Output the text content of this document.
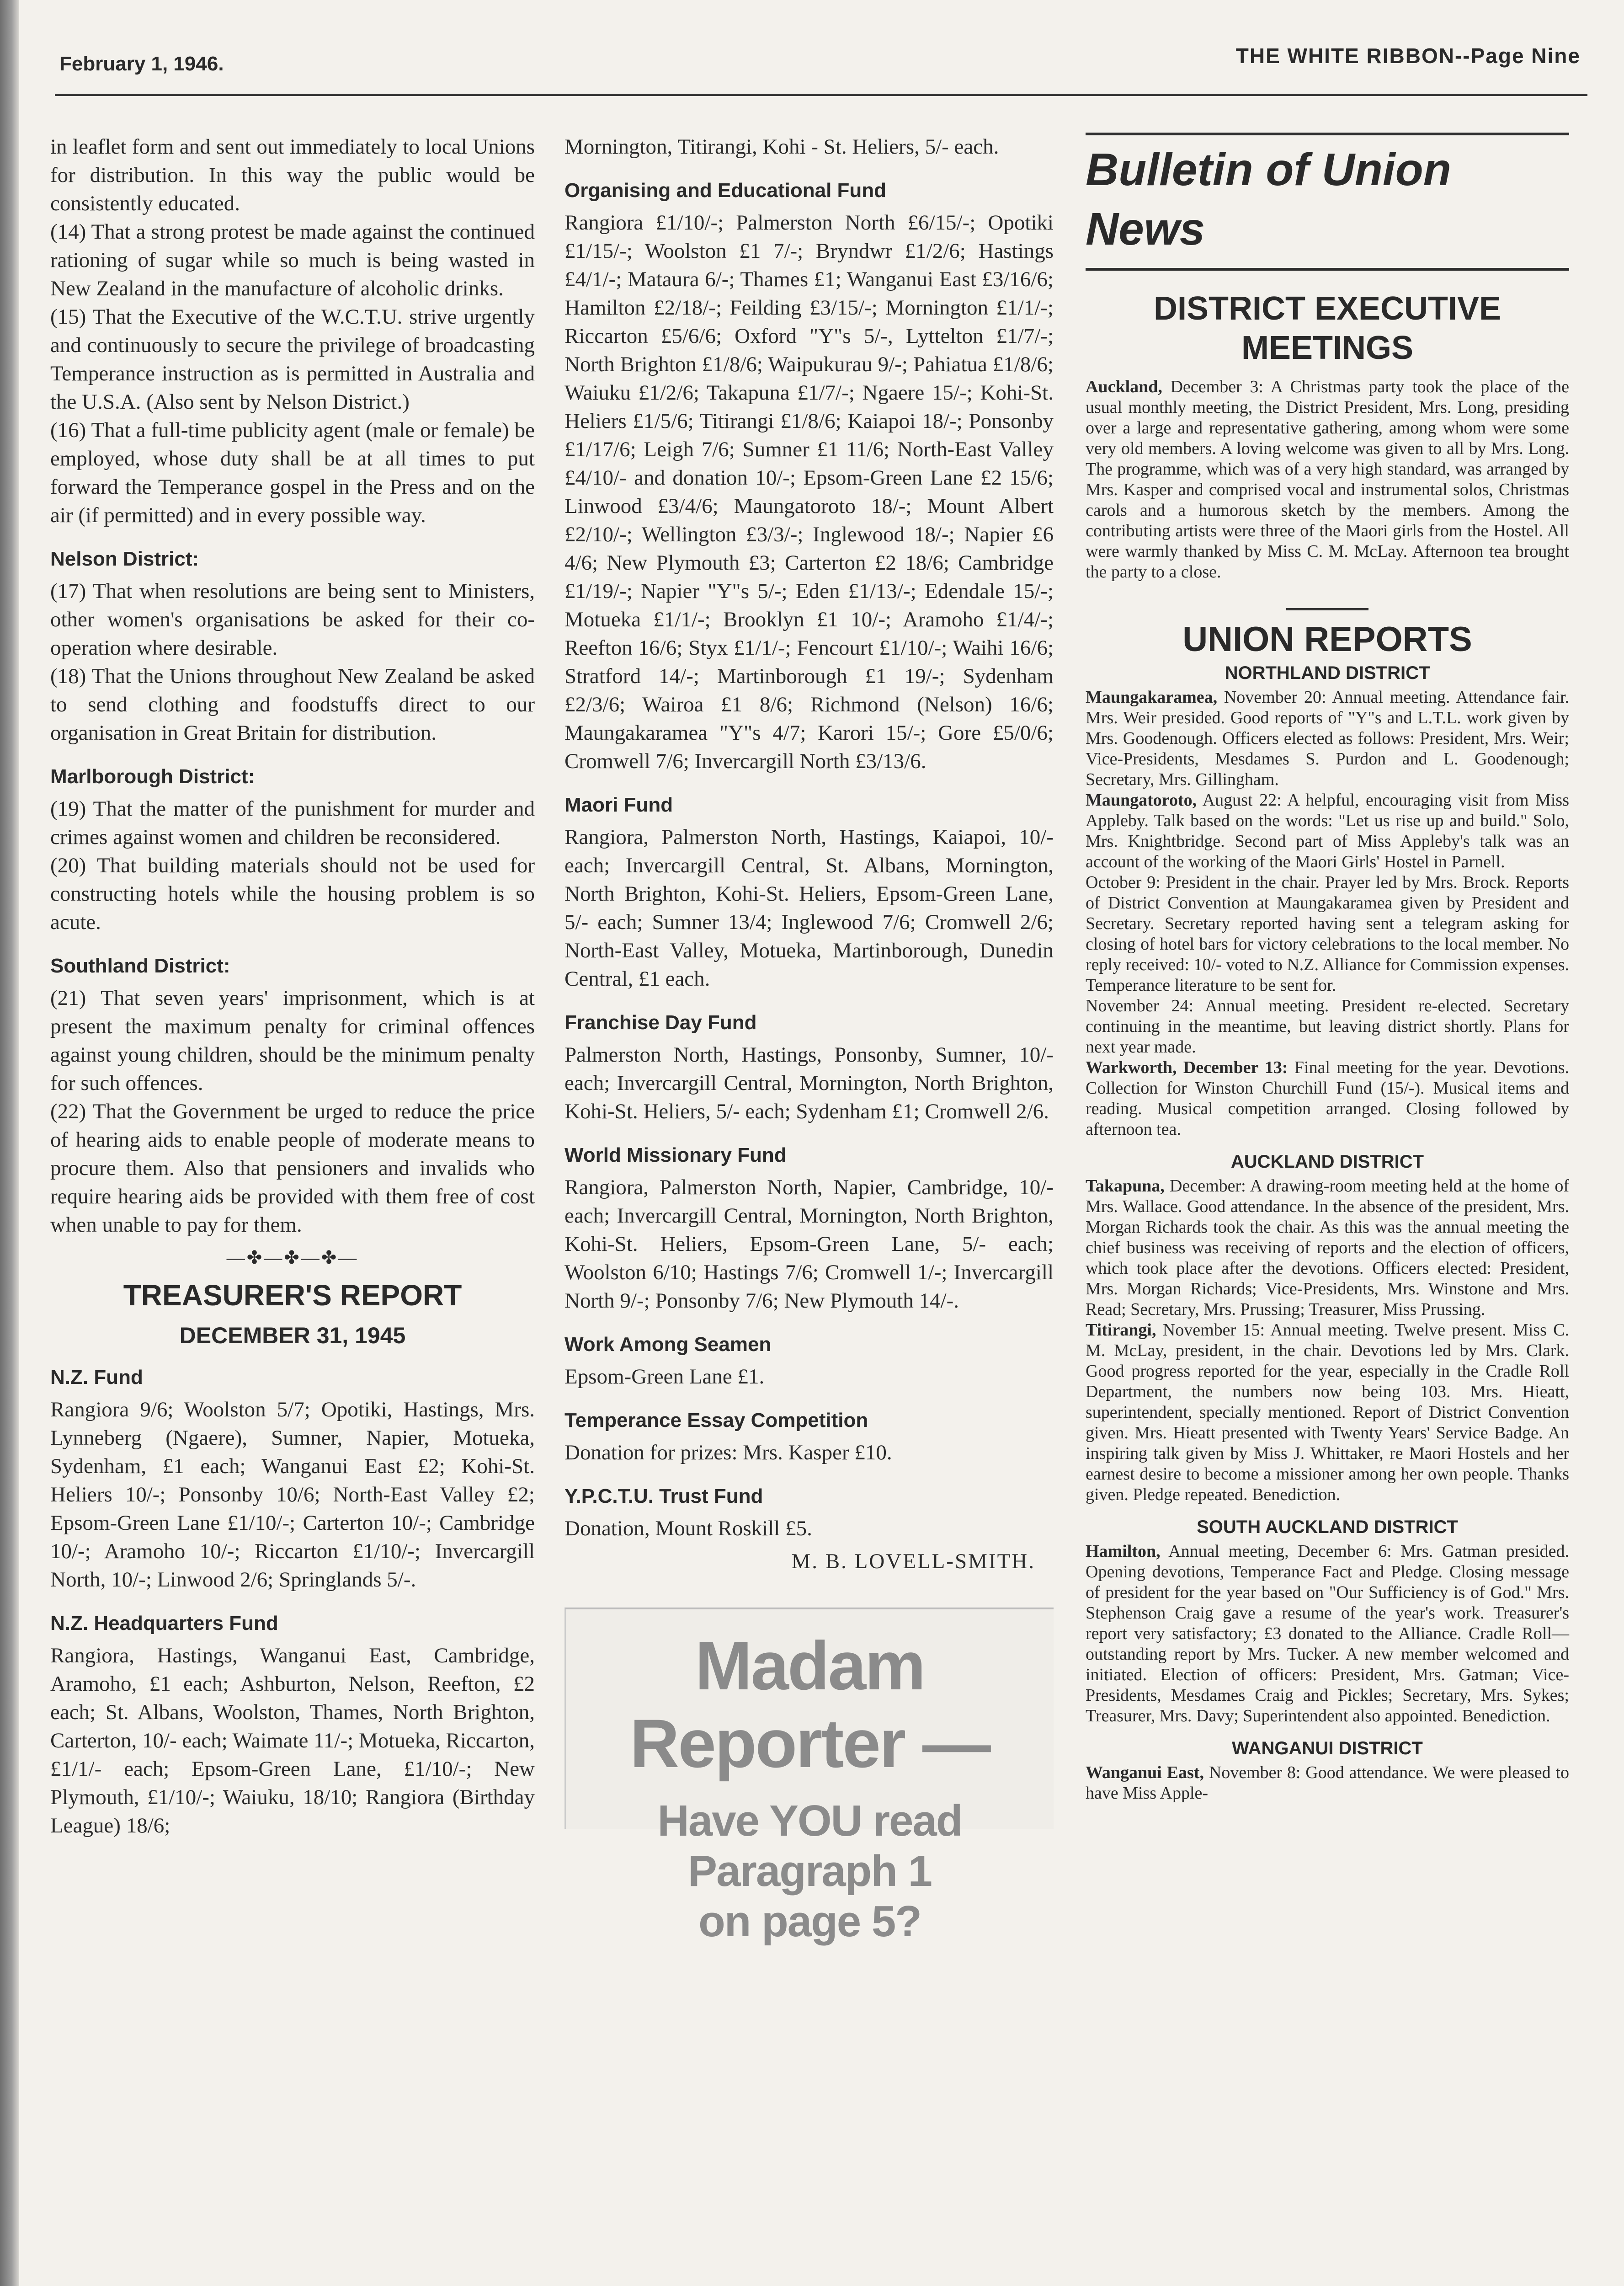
February 1, 1946.	THE WHITE RIBBON--Page Nine

in leaflet form and sent out immediately to local Unions for distribution. In this way the public would be consistently educated.

(14) That a strong protest be made against the continued rationing of sugar while so much is being wasted in New Zealand in the manufacture of alcoholic drinks.

(15) That the Executive of the W.C.T.U. strive urgently and continuously to secure the privilege of broadcasting Temperance instruction as is permitted in Australia and the U.S.A. (Also sent by Nelson District.)

(16) That a full-time publicity agent (male or female) be employed, whose duty shall be at all times to put forward the Temperance gospel in the Press and on the air (if permitted) and in every possible way.

Nelson District:

(17) That when resolutions are being sent to Ministers, other women's organisations be asked for their co-operation where desirable.

(18) That the Unions throughout New Zealand be asked to send clothing and foodstuffs direct to our organisation in Great Britain for distribution.

Marlborough District:

(19) That the matter of the punishment for murder and crimes against women and children be reconsidered.

(20) That building materials should not be used for constructing hotels while the housing problem is so acute.

Southland District:

(21) That seven years' imprisonment, which is at present the maximum penalty for criminal offences against young children, should be the minimum penalty for such offences.

(22) That the Government be urged to reduce the price of hearing aids to enable people of moderate means to procure them. Also that pensioners and invalids who require hearing aids be provided with them free of cost when unable to pay for them.

—✤—✤—✤—
TREASURER'S REPORT
DECEMBER 31, 1945
N.Z. Fund

Rangiora 9/6; Woolston 5/7; Opotiki, Hastings, Mrs. Lynneberg (Ngaere), Sumner, Napier, Motueka, Sydenham, £1 each; Wanganui East £2; Kohi-St. Heliers 10/-; Ponsonby 10/6; North-East Valley £2; Epsom-Green Lane £1/10/-; Carterton 10/-; Cambridge 10/-; Aramoho 10/-; Riccarton £1/10/-; Invercargill North, 10/-; Linwood 2/6; Springlands 5/-.

N.Z. Headquarters Fund

Rangiora, Hastings, Wanganui East, Cambridge, Aramoho, £1 each; Ashburton, Nelson, Reefton, £2 each; St. Albans, Woolston, Thames, North Brighton, Carterton, 10/- each; Waimate 11/-; Motueka, Riccarton, £1/1/- each; Epsom-Green Lane, £1/10/-; New Plymouth, £1/10/-; Waiuku, 18/10; Rangiora (Birthday League) 18/6;

Mornington, Titirangi, Kohi - St. Heliers, 5/- each.

Organising and Educational Fund

Rangiora £1/10/-; Palmerston North £6/15/-; Opotiki £1/15/-; Woolston £1 7/-; Bryndwr £1/2/6; Hastings £4/1/-; Mataura 6/-; Thames £1; Wanganui East £3/16/6; Hamilton £2/18/-; Feilding £3/15/-; Mornington £1/1/-; Riccarton £5/6/6; Oxford "Y"s 5/-, Lyttelton £1/7/-; North Brighton £1/8/6; Waipukurau 9/-; Pahiatua £1/8/6; Waiuku £1/2/6; Takapuna £1/7/-; Ngaere 15/-; Kohi-St. Heliers £1/5/6; Titirangi £1/8/6; Kaiapoi 18/-; Ponsonby £1/17/6; Leigh 7/6; Sumner £1 11/6; North-East Valley £4/10/- and donation 10/-; Epsom-Green Lane £2 15/6; Linwood £3/4/6; Maungatoroto 18/-; Mount Albert £2/10/-; Wellington £3/3/-; Inglewood 18/-; Napier £6 4/6; New Plymouth £3; Carterton £2 18/6; Cambridge £1/19/-; Napier "Y"s 5/-; Eden £1/13/-; Edendale 15/-; Motueka £1/1/-; Brooklyn £1 10/-; Aramoho £1/4/-; Reefton 16/6; Styx £1/1/-; Fencourt £1/10/-; Waihi 16/6; Stratford 14/-; Martinborough £1 19/-; Sydenham £2/3/6; Wairoa £1 8/6; Richmond (Nelson) 16/6; Maungakaramea "Y"s 4/7; Karori 15/-; Gore £5/0/6; Cromwell 7/6; Invercargill North £3/13/6.

Maori Fund

Rangiora, Palmerston North, Hastings, Kaiapoi, 10/- each; Invercargill Central, St. Albans, Mornington, North Brighton, Kohi-St. Heliers, Epsom-Green Lane, 5/- each; Sumner 13/4; Inglewood 7/6; Cromwell 2/6; North-East Valley, Motueka, Martinborough, Dunedin Central, £1 each.

Franchise Day Fund

Palmerston North, Hastings, Ponsonby, Sumner, 10/- each; Invercargill Central, Mornington, North Brighton, Kohi-St. Heliers, 5/- each; Sydenham £1; Cromwell 2/6.

World Missionary Fund

Rangiora, Palmerston North, Napier, Cambridge, 10/- each; Invercargill Central, Mornington, North Brighton, Kohi-St. Heliers, Epsom-Green Lane, 5/- each; Woolston 6/10; Hastings 7/6; Cromwell 1/-; Invercargill North 9/-; Ponsonby 7/6; New Plymouth 14/-.

Work Among Seamen

Epsom-Green Lane £1.

Temperance Essay Competition

Donation for prizes: Mrs. Kasper £10.

Y.P.C.T.U. Trust Fund

Donation, Mount Roskill £5.

M. B. LOVELL-SMITH.
Madam Reporter —
Have YOU read Paragraph 1
on page 5?
Bulletin of Union News
DISTRICT EXECUTIVE MEETINGS

Auckland, December 3: A Christmas party took the place of the usual monthly meeting, the District President, Mrs. Long, presiding over a large and representative gathering, among whom were some very old members. A loving welcome was given to all by Mrs. Long. The programme, which was of a very high standard, was arranged by Mrs. Kasper and comprised vocal and instrumental solos, Christmas carols and a humorous sketch by the members. Among the contributing artists were three of the Maori girls from the Hostel. All were warmly thanked by Miss C. M. McLay. Afternoon tea brought the party to a close.

UNION REPORTS
NORTHLAND DISTRICT

Maungakaramea, November 20: Annual meeting. Attendance fair. Mrs. Weir presided. Good reports of "Y"s and L.T.L. work given by Mrs. Goodenough. Officers elected as follows: President, Mrs. Weir; Vice-Presidents, Mesdames S. Purdon and L. Goodenough; Secretary, Mrs. Gillingham.

Maungatoroto, August 22: A helpful, encouraging visit from Miss Appleby. Talk based on the words: "Let us rise up and build." Solo, Mrs. Knightbridge. Second part of Miss Appleby's talk was an account of the working of the Maori Girls' Hostel in Parnell.

October 9: President in the chair. Prayer led by Mrs. Brock. Reports of District Convention at Maungakaramea given by President and Secretary. Secretary reported having sent a telegram asking for closing of hotel bars for victory celebrations to the local member. No reply received: 10/- voted to N.Z. Alliance for Commission expenses. Temperance literature to be sent for.

November 24: Annual meeting. President re-elected. Secretary continuing in the meantime, but leaving district shortly. Plans for next year made.

Warkworth, December 13: Final meeting for the year. Devotions. Collection for Winston Churchill Fund (15/-). Musical items and reading. Musical competition arranged. Closing followed by afternoon tea.

AUCKLAND DISTRICT

Takapuna, December: A drawing-room meeting held at the home of Mrs. Wallace. Good attendance. In the absence of the president, Mrs. Morgan Richards took the chair. As this was the annual meeting the chief business was receiving of reports and the election of officers, which took place after the devotions. Officers elected: President, Mrs. Morgan Richards; Vice-Presidents, Mrs. Winstone and Mrs. Read; Secretary, Mrs. Prussing; Treasurer, Miss Prussing.

Titirangi, November 15: Annual meeting. Twelve present. Miss C. M. McLay, president, in the chair. Devotions led by Mrs. Clark. Good progress reported for the year, especially in the Cradle Roll Department, the numbers now being 103. Mrs. Hieatt, superintendent, specially mentioned. Report of District Convention given. Mrs. Hieatt presented with Twenty Years' Service Badge. An inspiring talk given by Miss J. Whittaker, re Maori Hostels and her earnest desire to become a missioner among her own people. Thanks given. Pledge repeated. Benediction.

SOUTH AUCKLAND DISTRICT

Hamilton, Annual meeting, December 6: Mrs. Gatman presided. Opening devotions, Temperance Fact and Pledge. Closing message of president for the year based on "Our Sufficiency is of God." Mrs. Stephenson Craig gave a resume of the year's work. Treasurer's report very satisfactory; £3 donated to the Alliance. Cradle Roll—outstanding report by Mrs. Tucker. A new member welcomed and initiated. Election of officers: President, Mrs. Gatman; Vice-Presidents, Mesdames Craig and Pickles; Secretary, Mrs. Sykes; Treasurer, Mrs. Davy; Superintendent also appointed. Benediction.

WANGANUI DISTRICT

Wanganui East, November 8: Good attendance. We were pleased to have Miss Apple-
